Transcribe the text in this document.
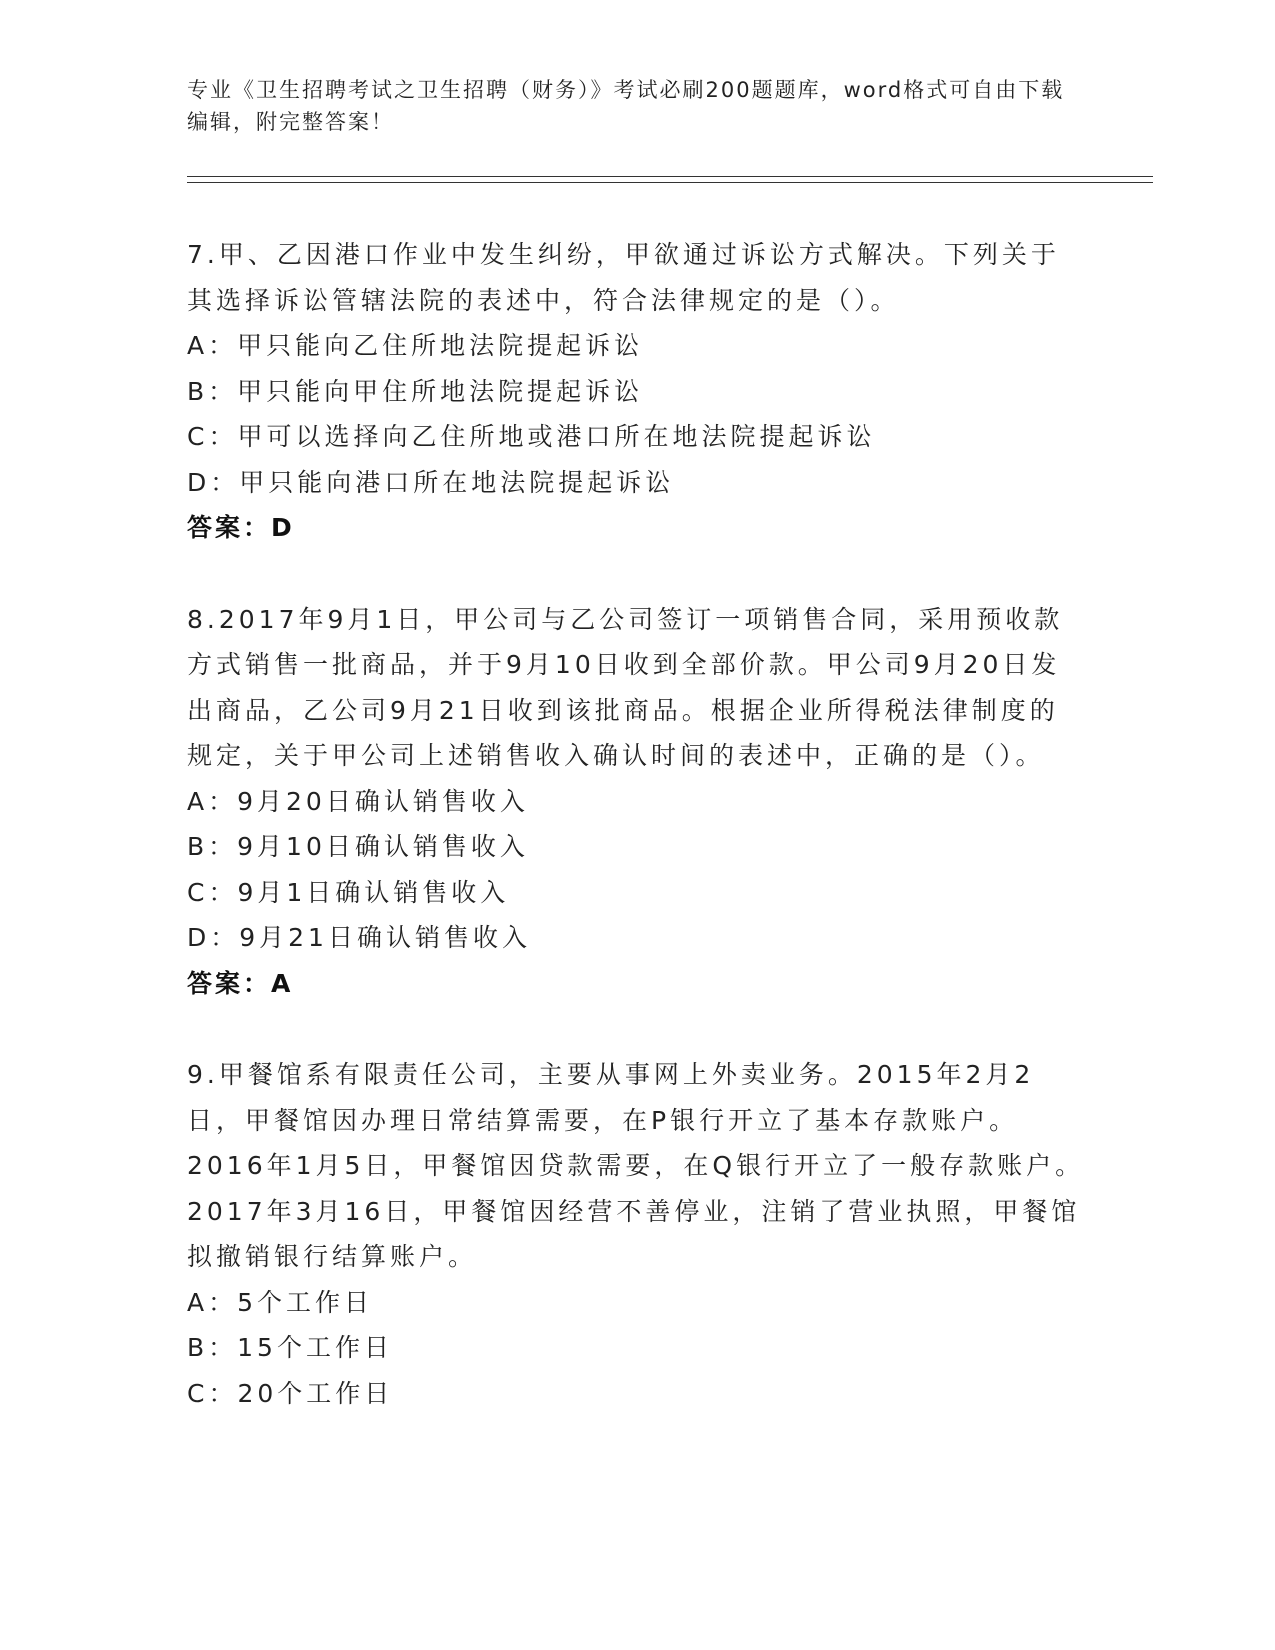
专业《卫生招聘考试之卫生招聘（财务）》考试必刷200题题库，word格式可自由下载编辑，附完整答案！

7.甲、乙因港口作业中发生纠纷，甲欲通过诉讼方式解决。下列关于其选择诉讼管辖法院的表述中，符合法律规定的是（）。

A：甲只能向乙住所地法院提起诉讼

B：甲只能向甲住所地法院提起诉讼

C：甲可以选择向乙住所地或港口所在地法院提起诉讼

D：甲只能向港口所在地法院提起诉讼

答案：D

8.2017年9月1日，甲公司与乙公司签订一项销售合同，采用预收款方式销售一批商品，并于9月10日收到全部价款。甲公司9月20日发出商品，乙公司9月21日收到该批商品。根据企业所得税法律制度的规定，关于甲公司上述销售收入确认时间的表述中，正确的是（）。

A：9月20日确认销售收入

B：9月10日确认销售收入

C：9月1日确认销售收入

D：9月21日确认销售收入

答案：A

9.甲餐馆系有限责任公司，主要从事网上外卖业务。2015年2月2日，甲餐馆因办理日常结算需要，在P银行开立了基本存款账户。2016年1月5日，甲餐馆因贷款需要，在Q银行开立了一般存款账户。2017年3月16日，甲餐馆因经营不善停业，注销了营业执照，甲餐馆拟撤销银行结算账户。

A：5个工作日

B：15个工作日

C：20个工作日
